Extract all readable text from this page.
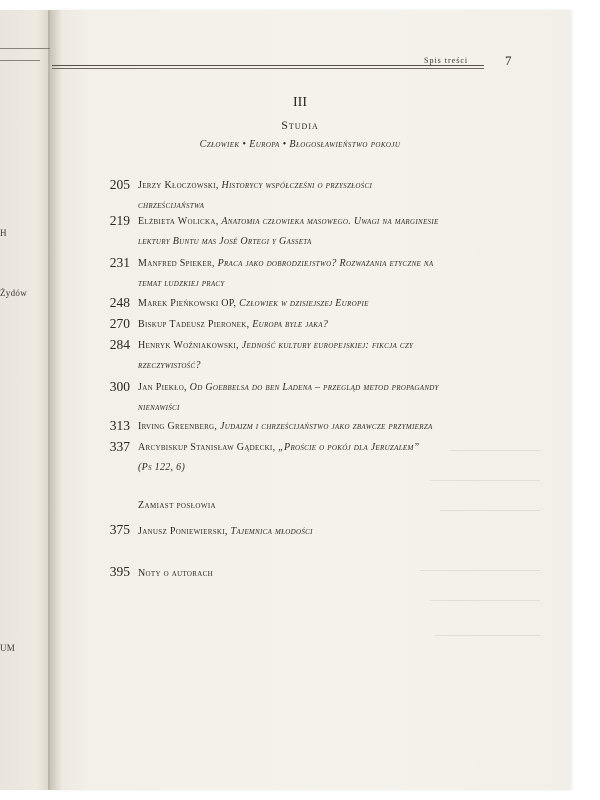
H
Żydów
UM
Spis treści	7
III
Studia
Człowiek • Europa • Błogosławieństwo pokoju
205 Jerzy Kłoczowski, Historycy współcześni o przyszłości
chrześcijaństwa
219 Elżbieta Wolicka, Anatomia człowieka masowego. Uwagi na marginesie
lektury Buntu mas José Ortegi y Gasseta
231 Manfred Spieker, Praca jako dobrodziejstwo? Rozważania etyczne na
temat ludzkiej pracy
248 Marek Pieńkowski OP, Człowiek w dzisiejszej Europie
270 Biskup Tadeusz Pieronek, Europa byle jaka?
284 Henryk Woźniakowski, Jedność kultury europejskiej: fikcja czy
rzeczywistość?
300 Jan Piekło, Od Goebbelsa do ben Ladena – przegląd metod propagandy
nienawiści
313 Irving Greenberg, Judaizm i chrześcijaństwo jako zbawcze przymierza
337 Arcybiskup Stanisław Gądecki, „Proście o pokój dla Jeruzalem”
(Ps 122, 6)
Zamiast posłowia
375 Janusz Poniewierski, Tajemnica młodości
395 Noty o autorach
